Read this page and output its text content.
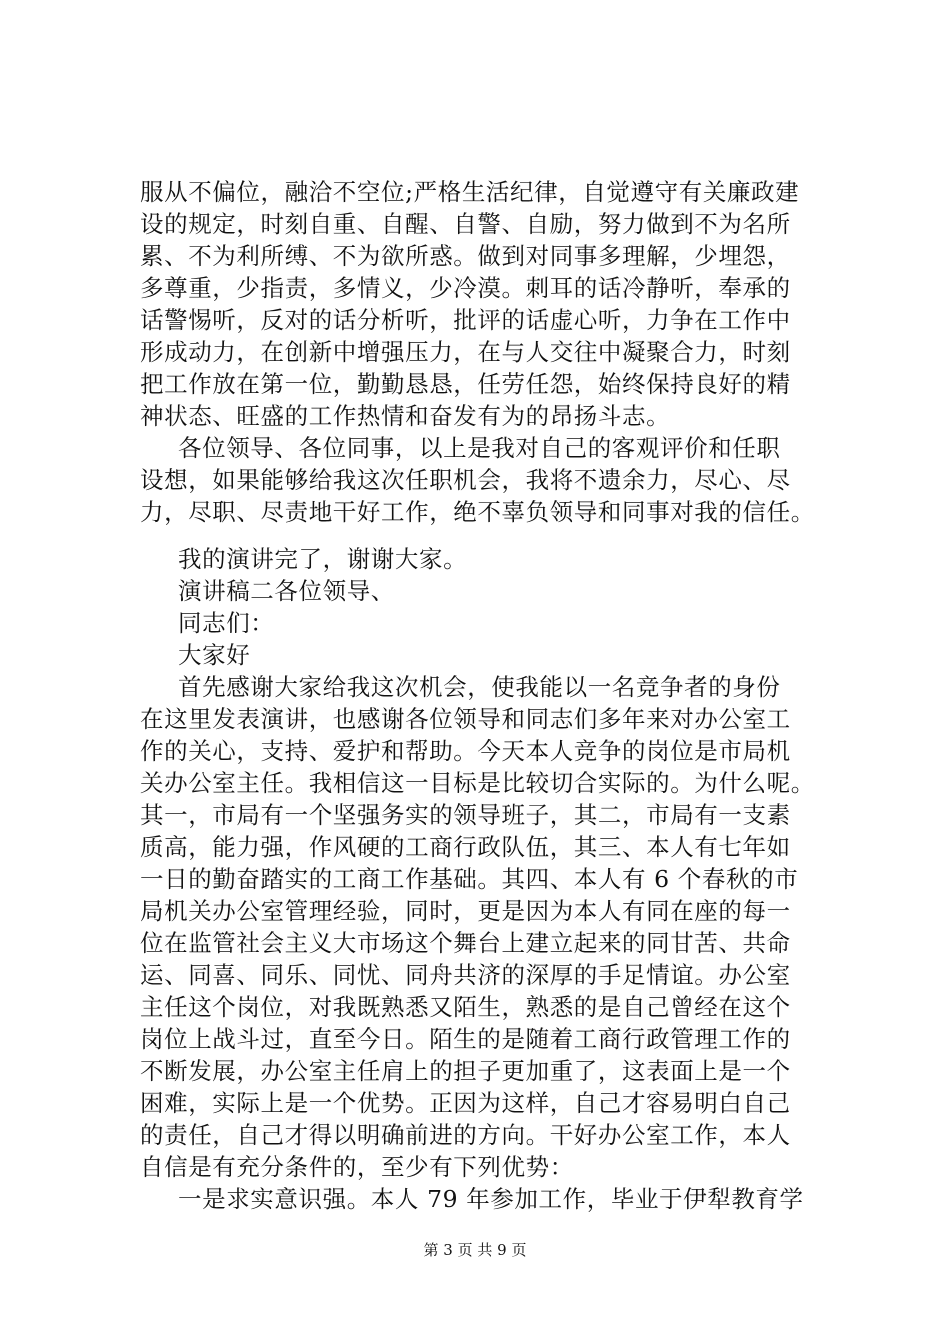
服从不偏位，融洽不空位;严格生活纪律，自觉遵守有关廉政建
设的规定，时刻自重、自醒、自警、自励，努力做到不为名所
累、不为利所缚、不为欲所惑。做到对同事多理解，少埋怨，
多尊重，少指责，多情义，少冷漠。刺耳的话冷静听，奉承的
话警惕听，反对的话分析听，批评的话虚心听，力争在工作中
形成动力，在创新中增强压力，在与人交往中凝聚合力，时刻
把工作放在第一位，勤勤恳恳，任劳任怨，始终保持良好的精
神状态、旺盛的工作热情和奋发有为的昂扬斗志。
各位领导、各位同事，以上是我对自己的客观评价和任职
设想，如果能够给我这次任职机会，我将不遗余力，尽心、尽
力，尽职、尽责地干好工作，绝不辜负领导和同事对我的信任。
我的演讲完了，谢谢大家。
演讲稿二各位领导、
同志们：
大家好
首先感谢大家给我这次机会，使我能以一名竞争者的身份
在这里发表演讲，也感谢各位领导和同志们多年来对办公室工
作的关心，支持、爱护和帮助。今天本人竞争的岗位是市局机
关办公室主任。我相信这一目标是比较切合实际的。为什么呢。
其一，市局有一个坚强务实的领导班子，其二，市局有一支素
质高，能力强，作风硬的工商行政队伍，其三、本人有七年如
一日的勤奋踏实的工商工作基础。其四、本人有 6 个春秋的市
局机关办公室管理经验，同时，更是因为本人有同在座的每一
位在监管社会主义大市场这个舞台上建立起来的同甘苦、共命
运、同喜、同乐、同忧、同舟共济的深厚的手足情谊。办公室
主任这个岗位，对我既熟悉又陌生，熟悉的是自己曾经在这个
岗位上战斗过，直至今日。陌生的是随着工商行政管理工作的
不断发展，办公室主任肩上的担子更加重了，这表面上是一个
困难，实际上是一个优势。正因为这样，自己才容易明白自己
的责任，自己才得以明确前进的方向。干好办公室工作，本人
自信是有充分条件的，至少有下列优势：
一是求实意识强。本人 79 年参加工作，毕业于伊犁教育学
第 3 页 共 9 页
